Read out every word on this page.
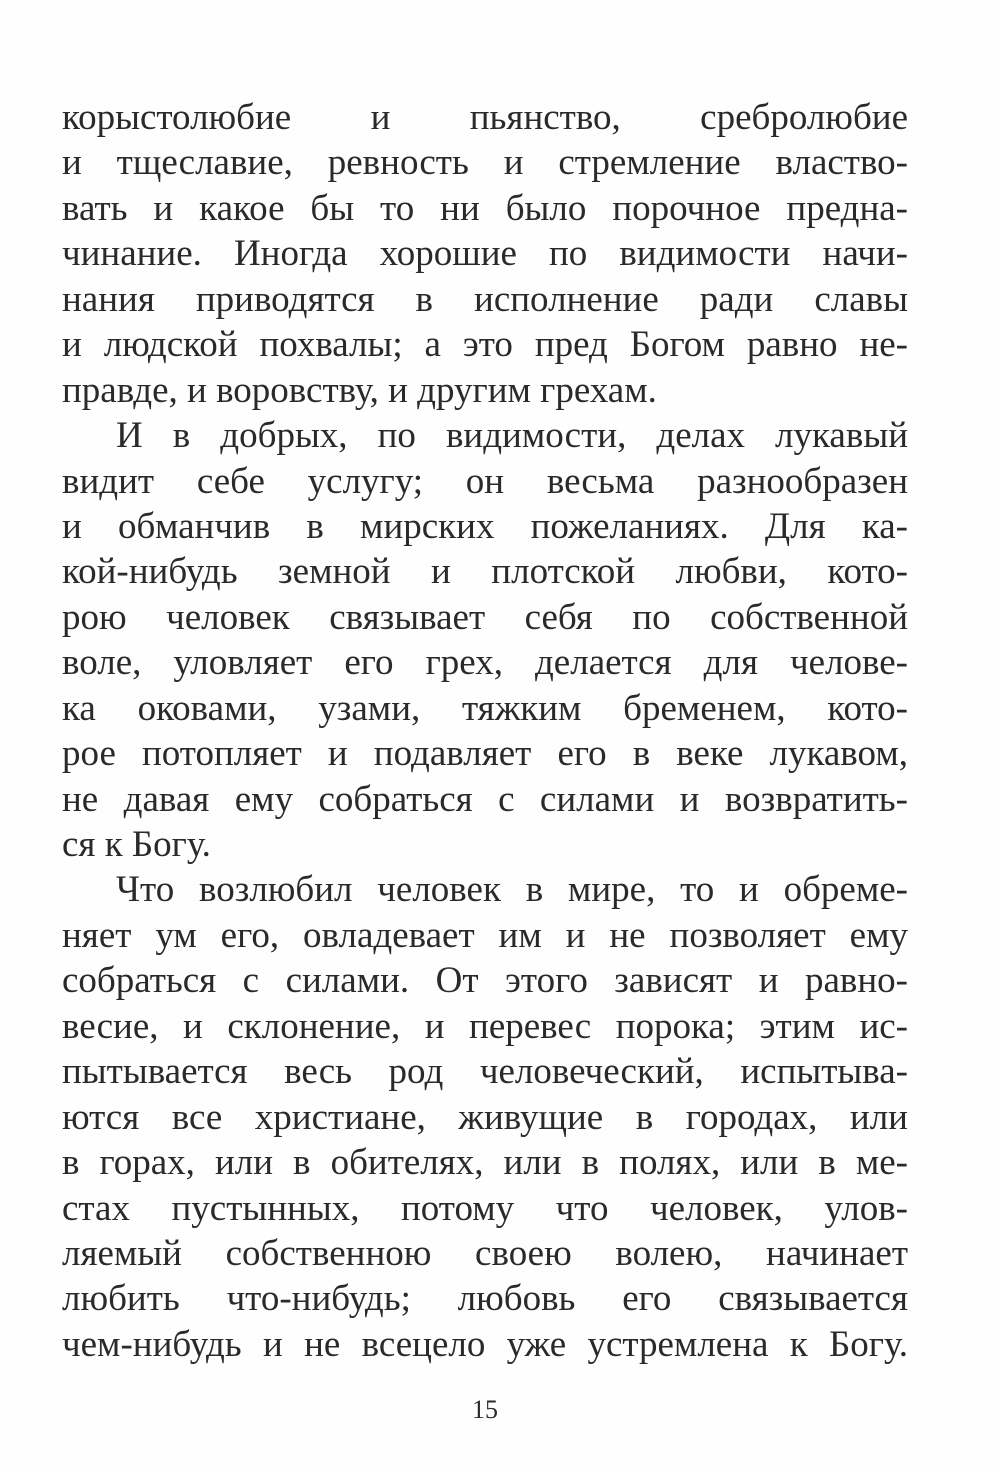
корыстолюбие и пьянство, сребролюбие
и тщеславие, ревность и стремление властво-
вать и какое бы то ни было порочное предна-
чинание. Иногда хорошие по видимости начи-
нания приводятся в исполнение ради славы
и людской похвалы; а это пред Богом равно не-
правде, и воровству, и другим грехам.
И в добрых, по видимости, делах лукавый
видит себе услугу; он весьма разнообразен
и обманчив в мирских пожеланиях. Для ка-
кой-нибудь земной и плотской любви, кото-
рою человек связывает себя по собственной
воле, уловляет его грех, делается для челове-
ка оковами, узами, тяжким бременем, кото-
рое потопляет и подавляет его в веке лукавом,
не давая ему собраться с силами и возвратить-
ся к Богу.
Что возлюбил человек в мире, то и обреме-
няет ум его, овладевает им и не позволяет ему
собраться с силами. От этого зависят и равно-
весие, и склонение, и перевес порока; этим ис-
пытывается весь род человеческий, испытыва-
ются все христиане, живущие в городах, или
в горах, или в обителях, или в полях, или в ме-
стах пустынных, потому что человек, улов-
ляемый собственною своею волею, начинает
любить что-нибудь; любовь его связывается
чем-нибудь и не всецело уже устремлена к Богу.
15
